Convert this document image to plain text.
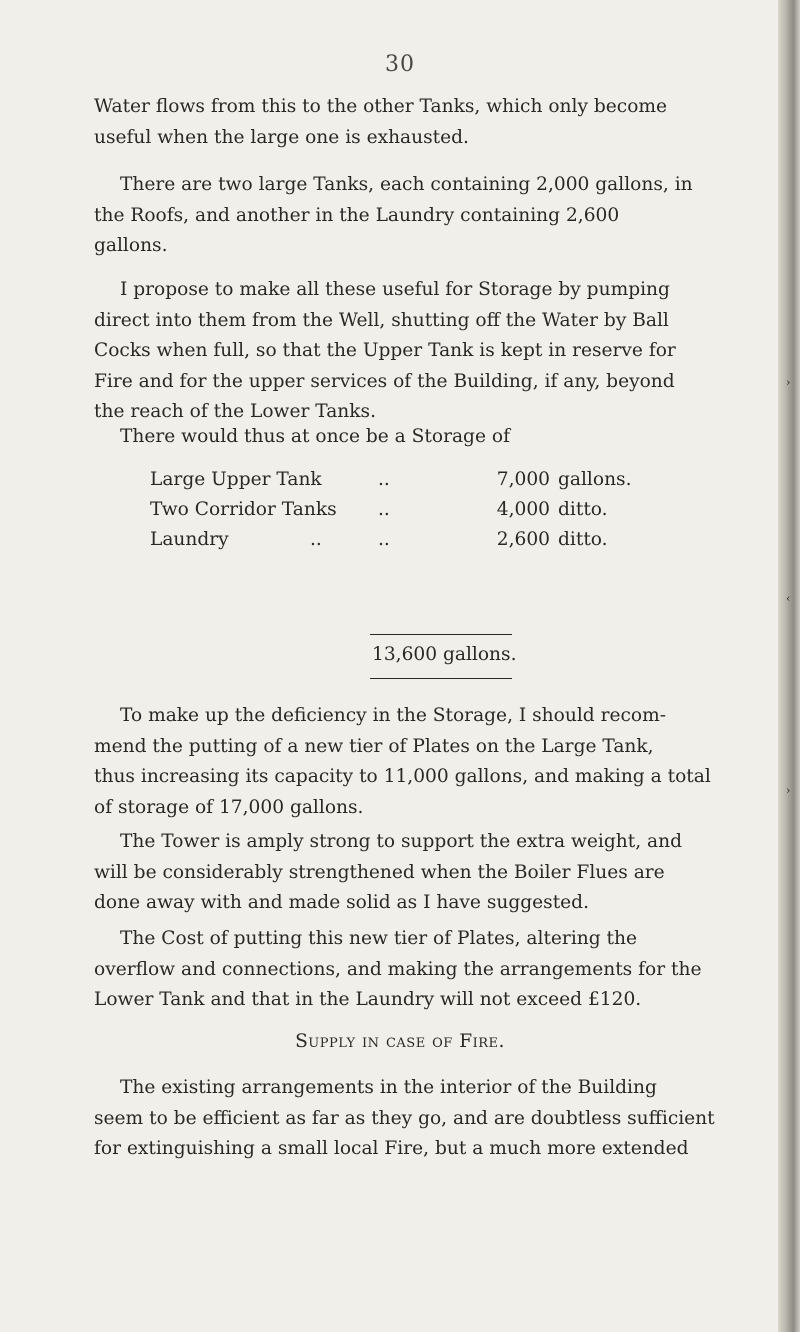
›
‹
›
30

Water flows from this to the other Tanks, which only become
useful when the large one is exhausted.

There are two large Tanks, each containing 2,000 gallons, in
the Roofs, and another in the Laundry containing 2,600
gallons.

I propose to make all these useful for Storage by pumping
direct into them from the Well, shutting off the Water by Ball
Cocks when full, so that the Upper Tank is kept in reserve for
Fire and for the upper services of the Building, if any, beyond
the reach of the Lower Tanks.

There would thus at once be a Storage of

Large Upper Tank	..	7,000 gallons.
Two Corridor Tanks ..	4,000 ditto.
Laundry	..	..	2,600 ditto.
13,600 gallons.

To make up the deficiency in the Storage, I should recom-
mend the putting of a new tier of Plates on the Large Tank,
thus increasing its capacity to 11,000 gallons, and making a total
of storage of 17,000 gallons.

The Tower is amply strong to support the extra weight, and
will be considerably strengthened when the Boiler Flues are
done away with and made solid as I have suggested.

The Cost of putting this new tier of Plates, altering the
overflow and connections, and making the arrangements for the
Lower Tank and that in the Laundry will not exceed £120.

Supply in case of Fire.

The existing arrangements in the interior of the Building
seem to be efficient as far as they go, and are doubtless sufficient
for extinguishing a small local Fire, but a much more extended
